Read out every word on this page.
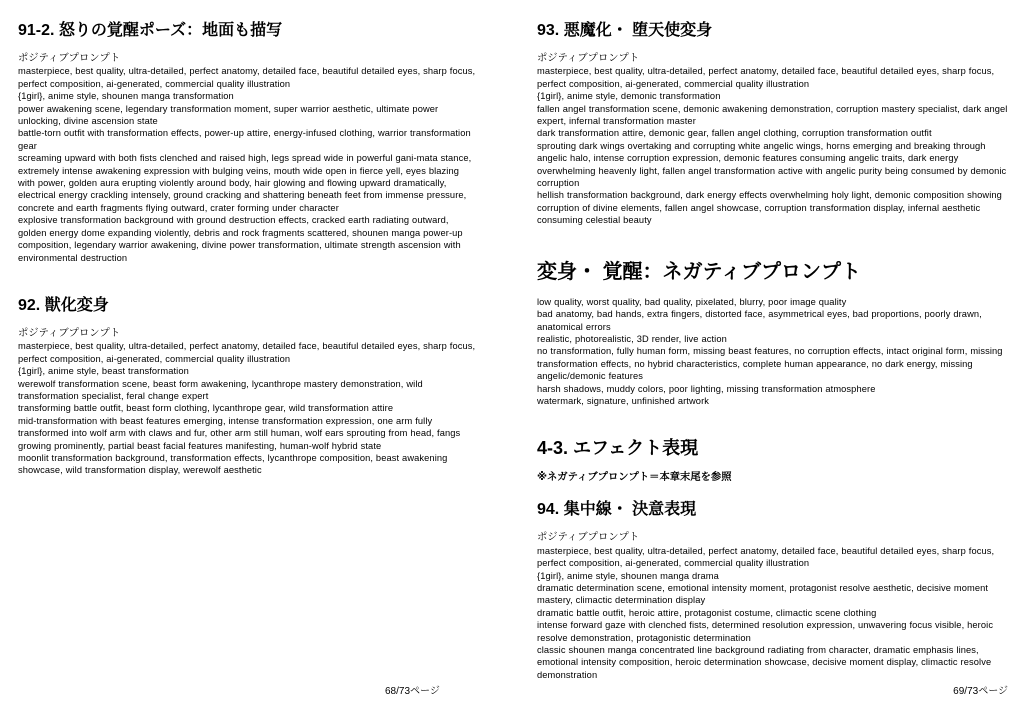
91-2. 怒りの覚醒ポーズ：地面も描写

ポジティブプロンプト

masterpiece, best quality, ultra-detailed, perfect anatomy, detailed face, beautiful detailed eyes, sharp focus, perfect composition, ai-generated, commercial quality illustration

{1girl}, anime style, shounen manga transformation

power awakening scene, legendary transformation moment, super warrior aesthetic, ultimate power unlocking, divine ascension state

battle-torn outfit with transformation effects, power-up attire, energy-infused clothing, warrior transformation gear

screaming upward with both fists clenched and raised high, legs spread wide in powerful gani-mata stance, extremely intense awakening expression with bulging veins, mouth wide open in fierce yell, eyes blazing with power, golden aura erupting violently around body, hair glowing and flowing upward dramatically, electrical energy crackling intensely, ground cracking and shattering beneath feet from immense pressure, concrete and earth fragments flying outward, crater forming under character

explosive transformation background with ground destruction effects, cracked earth radiating outward, golden energy dome expanding violently, debris and rock fragments scattered, shounen manga power-up composition, legendary warrior awakening, divine power transformation, ultimate strength ascension with environmental destruction

92. 獣化変身

ポジティブプロンプト

masterpiece, best quality, ultra-detailed, perfect anatomy, detailed face, beautiful detailed eyes, sharp focus, perfect composition, ai-generated, commercial quality illustration

{1girl}, anime style, beast transformation

werewolf transformation scene, beast form awakening, lycanthrope mastery demonstration, wild transformation specialist, feral change expert

transforming battle outfit, beast form clothing, lycanthrope gear, wild transformation attire

mid-transformation with beast features emerging, intense transformation expression, one arm fully transformed into wolf arm with claws and fur, other arm still human, wolf ears sprouting from head, fangs growing prominently, partial beast facial features manifesting, human-wolf hybrid state

moonlit transformation background, transformation effects, lycanthrope composition, beast awakening showcase, wild transformation display, werewolf aesthetic

93. 悪魔化・ 堕天使変身

ポジティブプロンプト

masterpiece, best quality, ultra-detailed, perfect anatomy, detailed face, beautiful detailed eyes, sharp focus, perfect composition, ai-generated, commercial quality illustration

{1girl}, anime style, demonic transformation

fallen angel transformation scene, demonic awakening demonstration, corruption mastery specialist, dark angel expert, infernal transformation master

dark transformation attire, demonic gear, fallen angel clothing, corruption transformation outfit

sprouting dark wings overtaking and corrupting white angelic wings, horns emerging and breaking through angelic halo, intense corruption expression, demonic features consuming angelic traits, dark energy overwhelming heavenly light, fallen angel transformation active with angelic purity being consumed by demonic corruption

hellish transformation background, dark energy effects overwhelming holy light, demonic composition showing corruption of divine elements, fallen angel showcase, corruption transformation display, infernal aesthetic consuming celestial beauty

変身・ 覚醒：ネガティブプロンプト

low quality, worst quality, bad quality, pixelated, blurry, poor image quality

bad anatomy, bad hands, extra fingers, distorted face, asymmetrical eyes, bad proportions, poorly drawn, anatomical errors

realistic, photorealistic, 3D render, live action

no transformation, fully human form, missing beast features, no corruption effects, intact original form, missing transformation effects, no hybrid characteristics, complete human appearance, no dark energy, missing angelic/demonic features

harsh shadows, muddy colors, poor lighting, missing transformation atmosphere

watermark, signature, unfinished artwork

4-3. エフェクト表現

※ネガティブプロンプト＝本章末尾を参照

94. 集中線・ 決意表現

ポジティブプロンプト

masterpiece, best quality, ultra-detailed, perfect anatomy, detailed face, beautiful detailed eyes, sharp focus, perfect composition, ai-generated, commercial quality illustration

{1girl}, anime style, shounen manga drama

dramatic determination scene, emotional intensity moment, protagonist resolve aesthetic, decisive moment mastery, climactic determination display

dramatic battle outfit, heroic attire, protagonist costume, climactic scene clothing

intense forward gaze with clenched fists, determined resolution expression, unwavering focus visible, heroic resolve demonstration, protagonistic determination

classic shounen manga concentrated line background radiating from character, dramatic emphasis lines, emotional intensity composition, heroic determination showcase, decisive moment display, climactic resolve demonstration

68/73ページ	69/73ページ
